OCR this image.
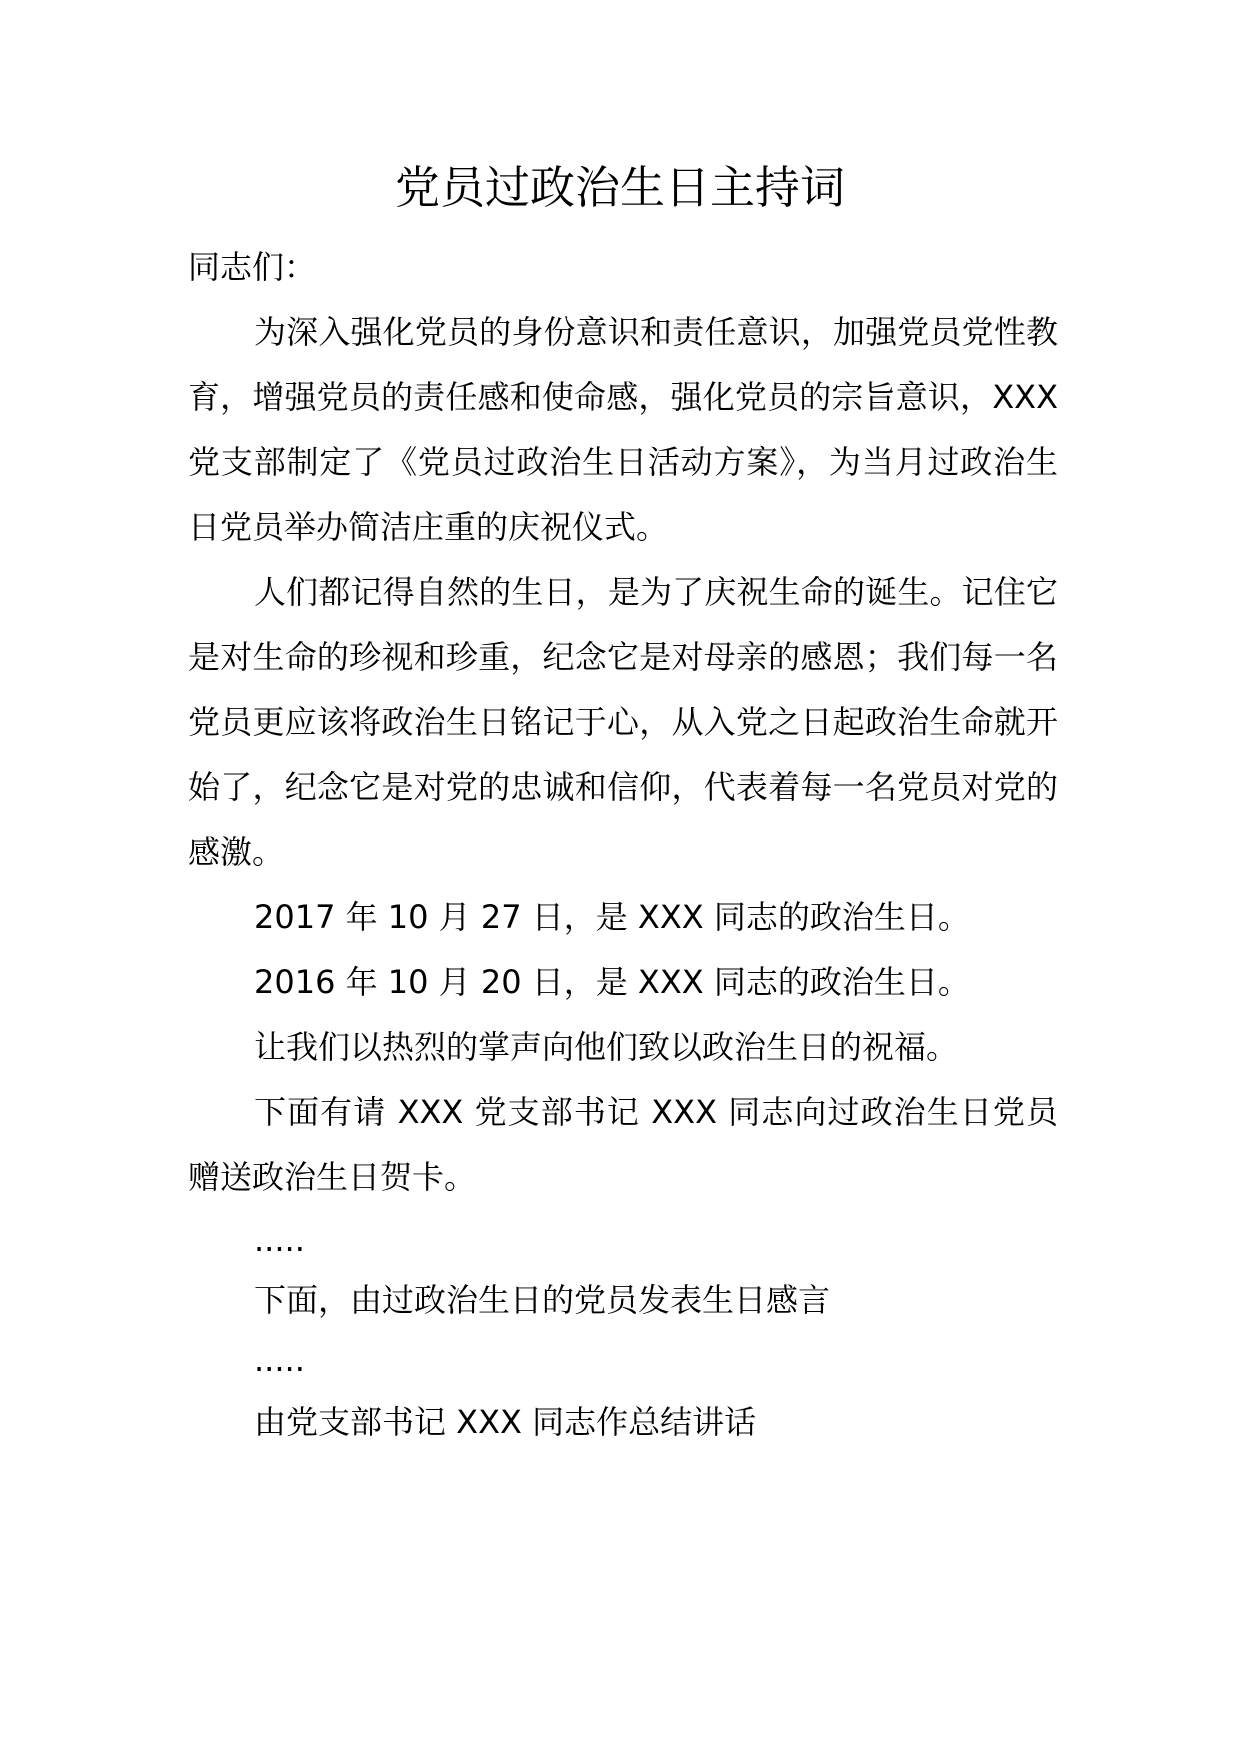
党员过政治生日主持词

同志们：

为深入强化党员的身份意识和责任意识，加强党员党性教育，增强党员的责任感和使命感，强化党员的宗旨意识，XXX 党支部制定了《党员过政治生日活动方案》，为当月过政治生日党员举办简洁庄重的庆祝仪式。

人们都记得自然的生日，是为了庆祝生命的诞生。记住它是对生命的珍视和珍重，纪念它是对母亲的感恩；我们每一名党员更应该将政治生日铭记于心，从入党之日起政治生命就开始了，纪念它是对党的忠诚和信仰，代表着每一名党员对党的感激。

2017 年 10 月 27 日，是 XXX 同志的政治生日。

2016 年 10 月 20 日，是 XXX 同志的政治生日。

让我们以热烈的掌声向他们致以政治生日的祝福。

下面有请 XXX 党支部书记 XXX 同志向过政治生日党员赠送政治生日贺卡。

.....

下面，由过政治生日的党员发表生日感言

.....

由党支部书记 XXX 同志作总结讲话
